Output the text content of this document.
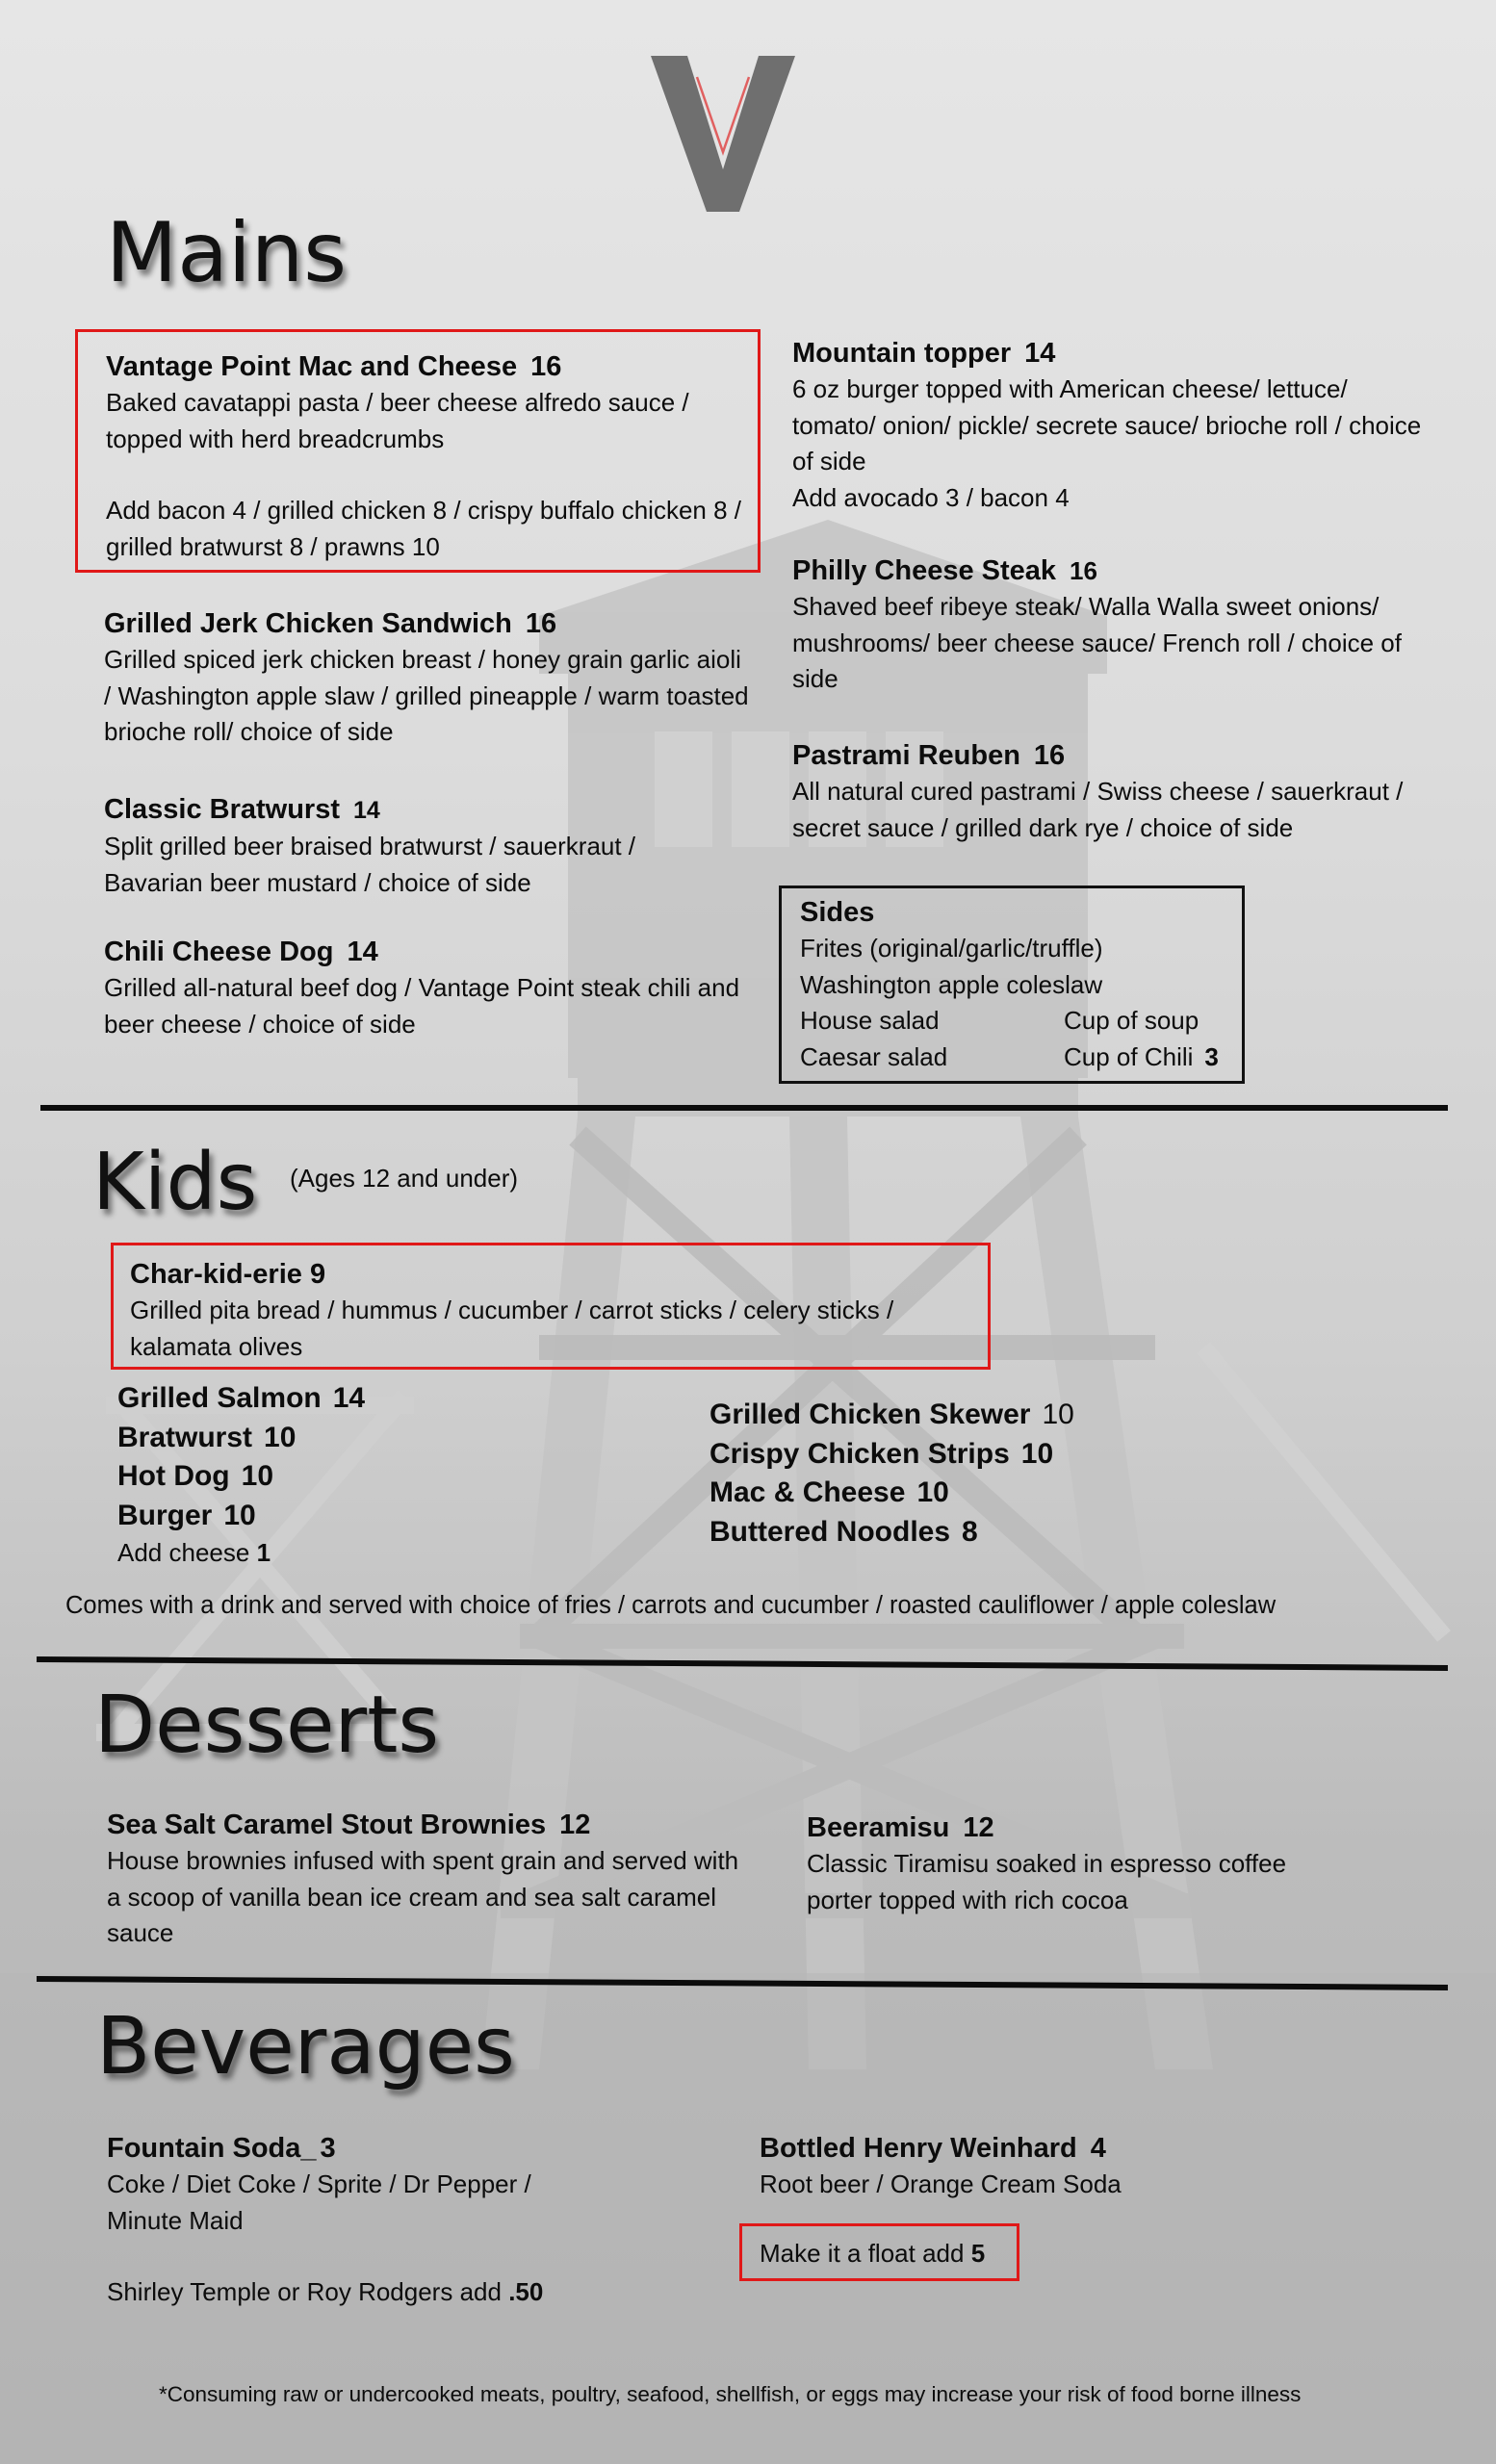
Mains
Vantage Point Mac and Cheese 16
Baked cavatappi pasta / beer cheese alfredo sauce / topped with herd breadcrumbs
Add bacon 4 / grilled chicken 8 / crispy buffalo chicken 8 / grilled bratwurst 8 / prawns 10
Grilled Jerk Chicken Sandwich 16
Grilled spiced jerk chicken breast / honey grain garlic aioli / Washington apple slaw / grilled pineapple / warm toasted brioche roll/ choice of side
Classic Bratwurst 14
Split grilled beer braised bratwurst / sauerkraut / Bavarian beer mustard / choice of side
Chili Cheese Dog 14
Grilled all-natural beef dog / Vantage Point steak chili and beer cheese / choice of side
Mountain topper 14
6 oz burger topped with American cheese/ lettuce/ tomato/ onion/ pickle/ secrete sauce/ brioche roll / choice of side
Add avocado 3 / bacon 4
Philly Cheese Steak 16
Shaved beef ribeye steak/ Walla Walla sweet onions/ mushrooms/ beer cheese sauce/ French roll / choice of side
Pastrami Reuben 16
All natural cured pastrami / Swiss cheese / sauerkraut / secret sauce / grilled dark rye / choice of side
Sides
Frites (original/garlic/truffle)
Washington apple coleslaw
House salad	Cup of soup
Caesar salad	Cup of Chili 3
Kids (Ages 12 and under)
Char-kid-erie 9
Grilled pita bread / hummus / cucumber / carrot sticks / celery sticks / kalamata olives
Grilled Salmon 14
Bratwurst 10
Hot Dog 10
Burger 10
Add cheese 1
Grilled Chicken Skewer 10
Crispy Chicken Strips 10
Mac & Cheese 10
Buttered Noodles 8
Comes with a drink and served with choice of fries / carrots and cucumber / roasted cauliflower / apple coleslaw
Desserts
Sea Salt Caramel Stout Brownies 12
House brownies infused with spent grain and served with a scoop of vanilla bean ice cream and sea salt caramel sauce
Beeramisu 12
Classic Tiramisu soaked in espresso coffee porter topped with rich cocoa
Beverages
Fountain Soda_ 3
Coke / Diet Coke / Sprite / Dr Pepper / Minute Maid
Shirley Temple or Roy Rodgers add .50
Bottled Henry Weinhard 4
Root beer / Orange Cream Soda
Make it a float add 5
*Consuming raw or undercooked meats, poultry, seafood, shellfish, or eggs may increase your risk of food borne illness
